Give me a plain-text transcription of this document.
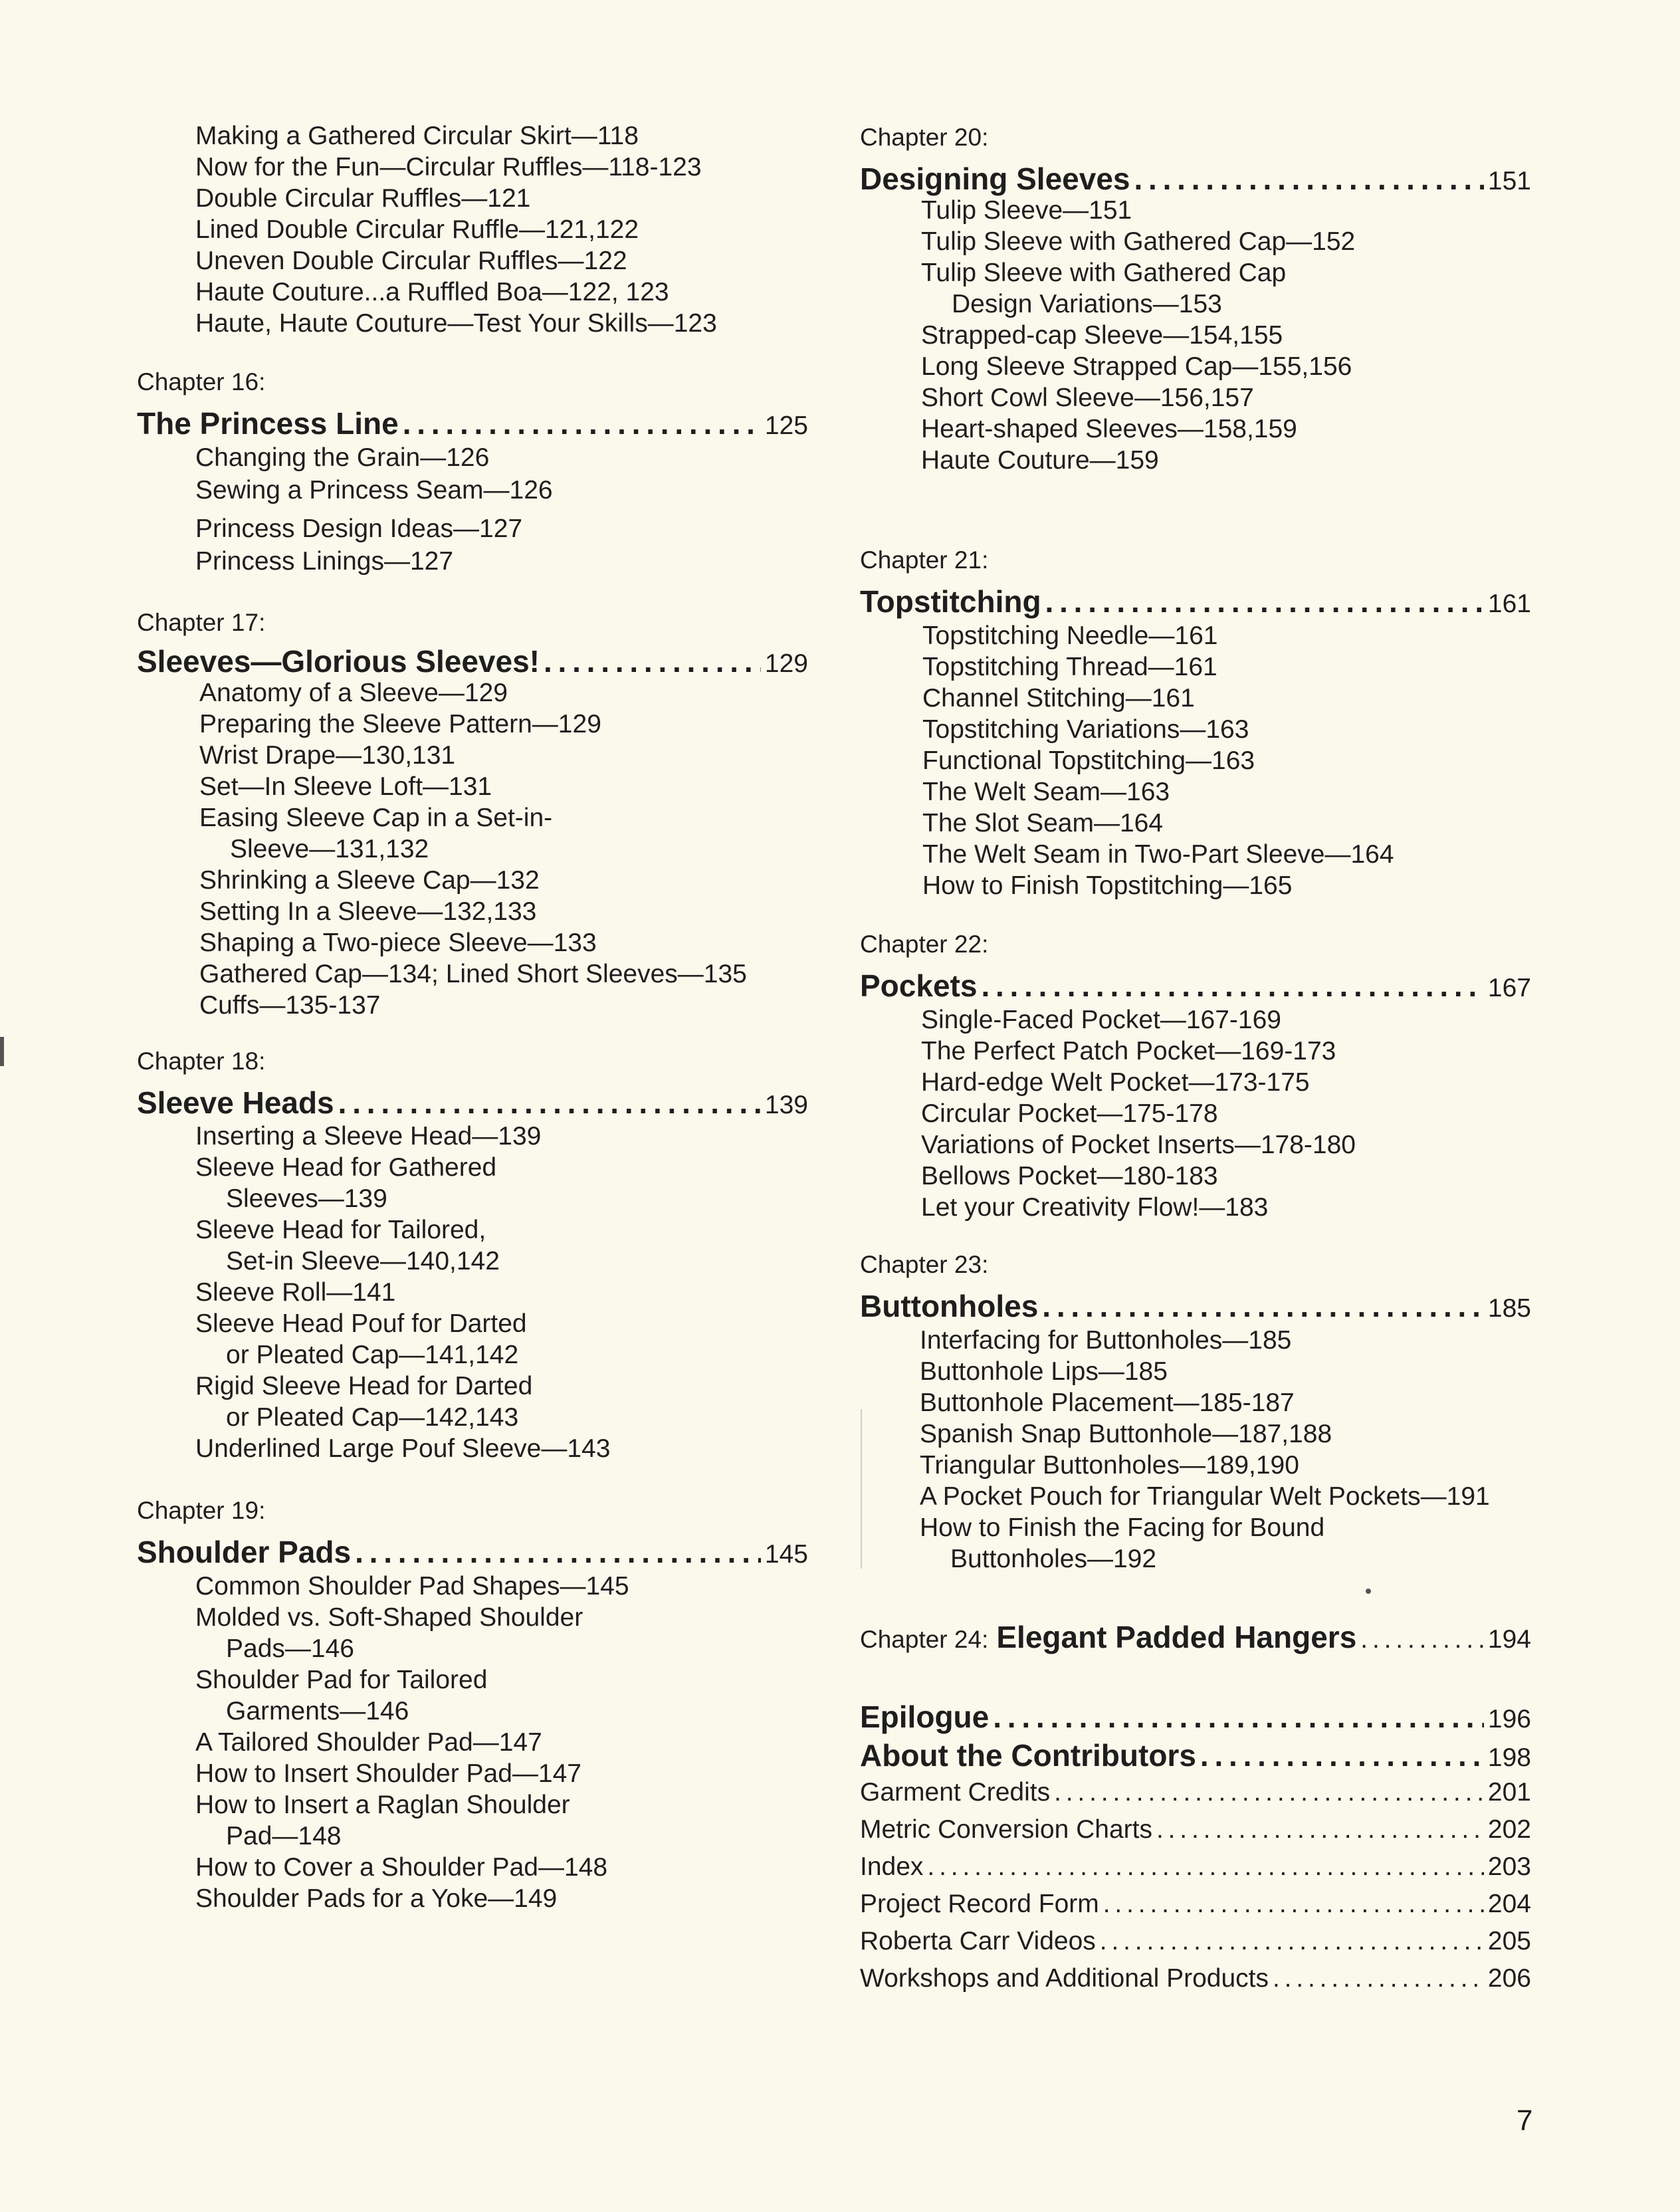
Making a Gathered Circular Skirt—118
Now for the Fun—Circular Ruffles—118-123
Double Circular Ruffles—121
Lined Double Circular Ruffle—121,122
Uneven Double Circular Ruffles—122
Haute Couture...a Ruffled Boa—122, 123
Haute, Haute Couture—Test Your Skills—123
Chapter 16:
The Princess Line . . .	125
Changing the Grain—126
Sewing a Princess Seam—126
Princess Design Ideas—127
Princess Linings—127
Chapter 17:
Sleeves—Glorious Sleeves! . . .	129
Anatomy of a Sleeve—129
Preparing the Sleeve Pattern—129
Wrist Drape—130,131
Set—In Sleeve Loft—131
Easing Sleeve Cap in a Set-in-
Sleeve—131,132
Shrinking a Sleeve Cap—132
Setting In a Sleeve—132,133
Shaping a Two-piece Sleeve—133
Gathered Cap—134; Lined Short Sleeves—135
Cuffs—135-137
Chapter 18:
Sleeve Heads . . .	139
Inserting a Sleeve Head—139
Sleeve Head for Gathered
Sleeves—139
Sleeve Head for Tailored,
Set-in Sleeve—140,142
Sleeve Roll—141
Sleeve Head Pouf for Darted
or Pleated Cap—141,142
Rigid Sleeve Head for Darted
or Pleated Cap—142,143
Underlined Large Pouf Sleeve—143
Chapter 19:
Shoulder Pads . . .	145
Common Shoulder Pad Shapes—145
Molded vs. Soft-Shaped Shoulder
Pads—146
Shoulder Pad for Tailored
Garments—146
A Tailored Shoulder Pad—147
How to Insert Shoulder Pad—147
How to Insert a Raglan Shoulder
Pad—148
How to Cover a Shoulder Pad—148
Shoulder Pads for a Yoke—149
Chapter 20:
Designing Sleeves . . .	151
Tulip Sleeve—151
Tulip Sleeve with Gathered Cap—152
Tulip Sleeve with Gathered Cap
Design Variations—153
Strapped-cap Sleeve—154,155
Long Sleeve Strapped Cap—155,156
Short Cowl Sleeve—156,157
Heart-shaped Sleeves—158,159
Haute Couture—159
Chapter 21:
Topstitching . . .	161
Topstitching Needle—161
Topstitching Thread—161
Channel Stitching—161
Topstitching Variations—163
Functional Topstitching—163
The Welt Seam—163
The Slot Seam—164
The Welt Seam in Two-Part Sleeve—164
How to Finish Topstitching—165
Chapter 22:
Pockets . . .	167
Single-Faced Pocket—167-169
The Perfect Patch Pocket—169-173
Hard-edge Welt Pocket—173-175
Circular Pocket—175-178
Variations of Pocket Inserts—178-180
Bellows Pocket—180-183
Let your Creativity Flow!—183
Chapter 23:
Buttonholes . . .	185
Interfacing for Buttonholes—185
Buttonhole Lips—185
Buttonhole Placement—185-187
Spanish Snap Buttonhole—187,188
Triangular Buttonholes—189,190
A Pocket Pouch for Triangular Welt Pockets—191
How to Finish the Facing for Bound
Buttonholes—192
Chapter 24: Elegant Padded Hangers . . .	194
Epilogue . . .	196
About the Contributors . . .	198
Garment Credits . . .	201
Metric Conversion Charts . . .	202
Index . . .	203
Project Record Form . . .	204
Roberta Carr Videos . . .	205
Workshops and Additional Products . . .	206
7
